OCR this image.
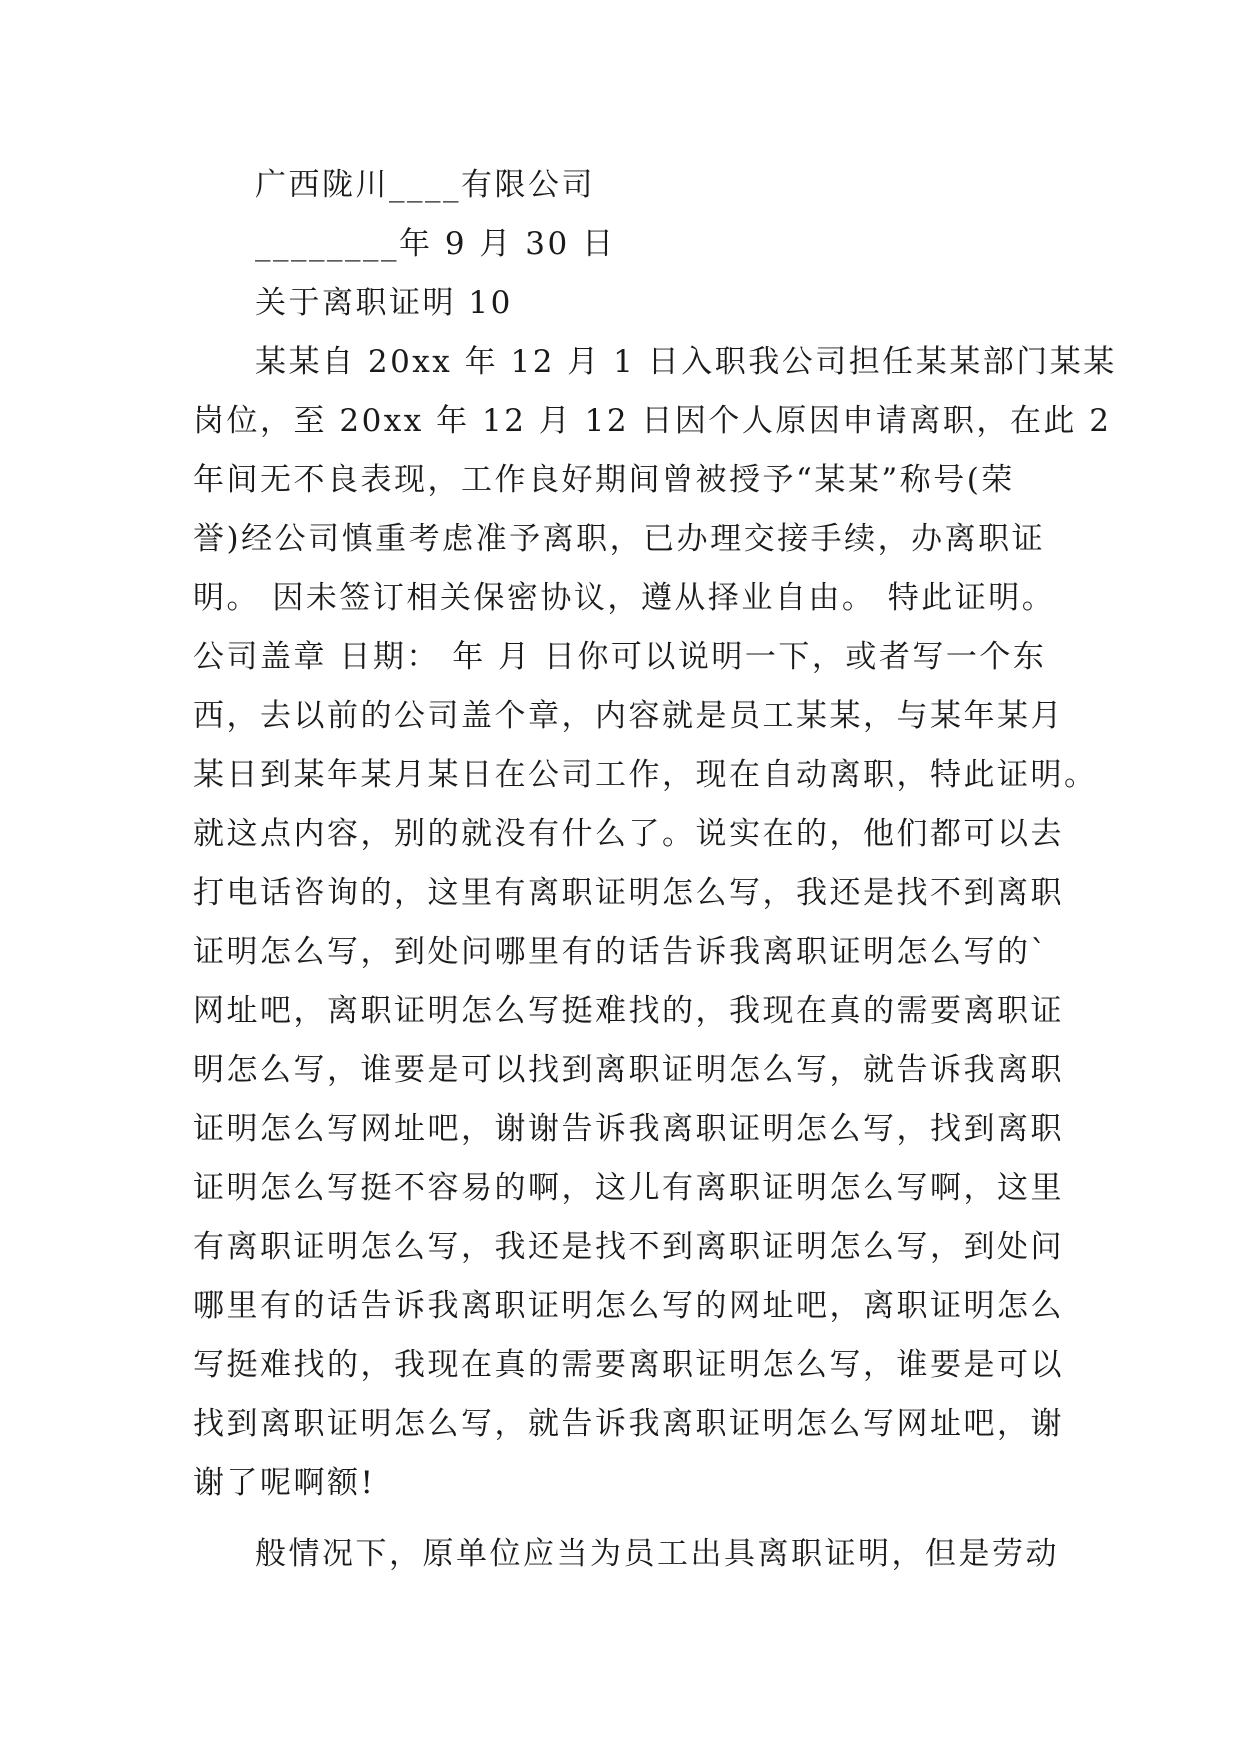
广西陇川____有限公司
________年 9 月 30 日
关于离职证明 10
某某自 20xx 年 12 月 1 日入职我公司担任某某部门某某
岗位，至 20xx 年 12 月 12 日因个人原因申请离职，在此 2
年间无不良表现，工作良好期间曾被授予“某某”称号(荣
誉)经公司慎重考虑准予离职，已办理交接手续，办离职证
明。 因未签订相关保密协议，遵从择业自由。 特此证明。
公司盖章 日期： 年 月 日你可以说明一下，或者写一个东
西，去以前的公司盖个章，内容就是员工某某，与某年某月
某日到某年某月某日在公司工作，现在自动离职，特此证明。
就这点内容，别的就没有什么了。说实在的，他们都可以去
打电话咨询的，这里有离职证明怎么写，我还是找不到离职
证明怎么写，到处问哪里有的话告诉我离职证明怎么写的`
网址吧，离职证明怎么写挺难找的，我现在真的需要离职证
明怎么写，谁要是可以找到离职证明怎么写，就告诉我离职
证明怎么写网址吧，谢谢告诉我离职证明怎么写，找到离职
证明怎么写挺不容易的啊，这儿有离职证明怎么写啊，这里
有离职证明怎么写，我还是找不到离职证明怎么写，到处问
哪里有的话告诉我离职证明怎么写的网址吧，离职证明怎么
写挺难找的，我现在真的需要离职证明怎么写，谁要是可以
找到离职证明怎么写，就告诉我离职证明怎么写网址吧，谢
谢了呢啊额!
般情况下，原单位应当为员工出具离职证明，但是劳动
